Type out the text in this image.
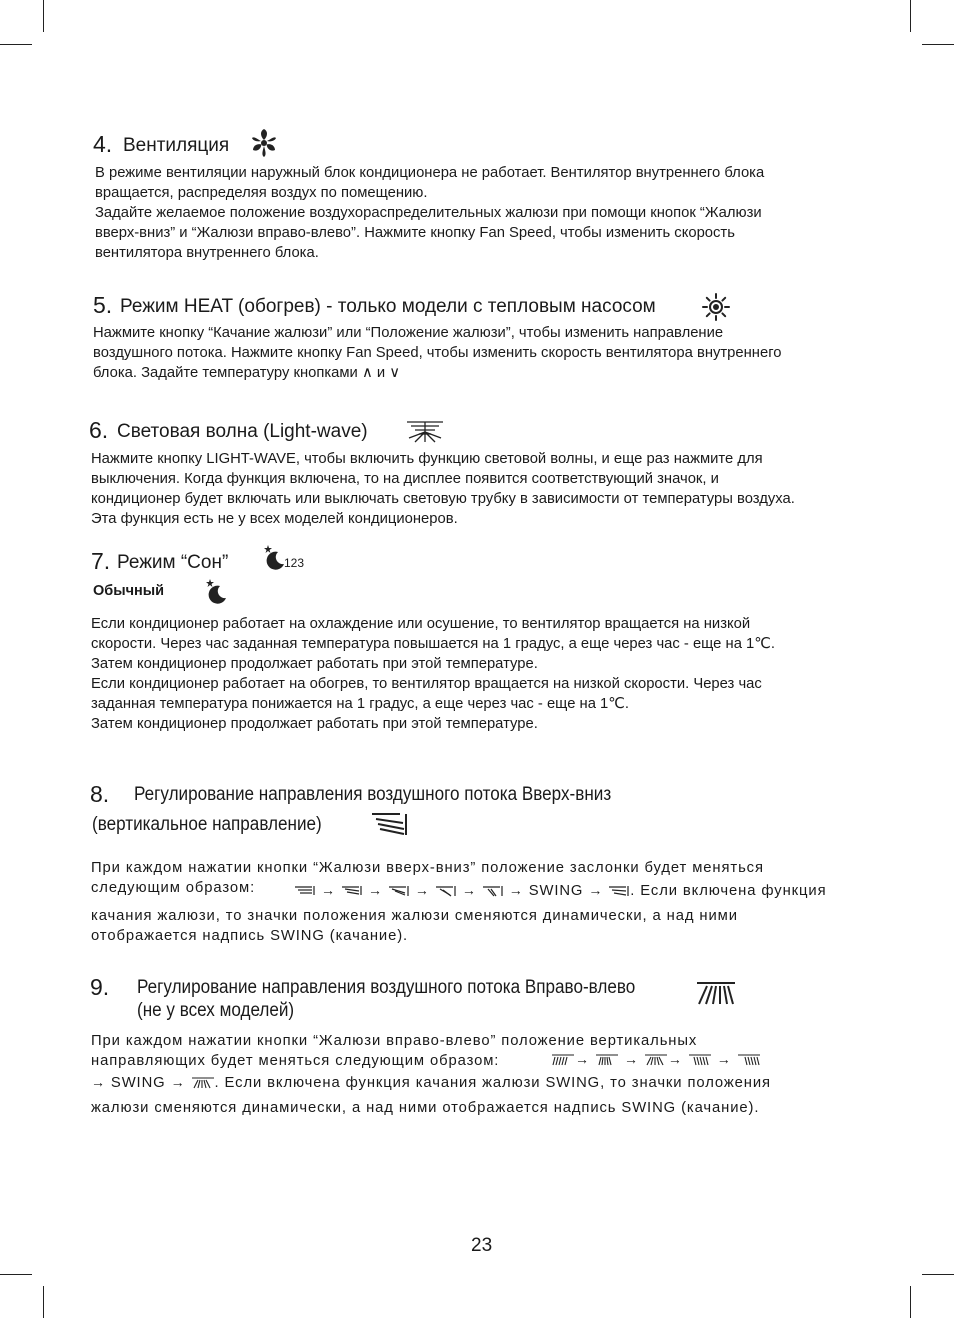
4. Вентиляция
В режиме вентиляции наружный блок кондиционера не работает. Вентилятор внутреннего блока
вращается, распределяя воздух по помещению.
Задайте желаемое положение воздухораспределительных жалюзи при помощи кнопок “Жалюзи
вверх-вниз” и “Жалюзи вправо-влево”. Нажмите кнопку Fan Speed, чтобы изменить скорость
вентилятора внутреннего блока.
5. Режим HEAT (обогрев) - только модели с тепловым насосом
Нажмите кнопку “Качание жалюзи” или “Положение жалюзи”, чтобы изменить направление
воздушного потока. Нажмите кнопку Fan Speed, чтобы изменить скорость вентилятора внутреннего
блока. Задайте температуру кнопками ∧ и ∨
6. Световая волна (Light-wave)
Нажмите кнопку LIGHT-WAVE, чтобы включить функцию световой волны, и еще раз нажмите для
выключения. Когда функция включена, то на дисплее появится соответствующий значок, и
кондиционер будет включать или выключать световую трубку в зависимости от температуры воздуха.
Эта функция есть не у всех моделей кондиционеров.
7. Режим “Сон”	123
Обычный
Если кондиционер работает на охлаждение или осушение, то вентилятор вращается на низкой
скорости. Через час заданная температура повышается на 1 градус, а еще через час - еще на 1℃.
Затем кондиционер продолжает работать при этой температуре.
Если кондиционер работает на обогрев, то вентилятор вращается на низкой скорости. Через час
заданная температура понижается на 1 градус, а еще через час - еще на 1℃.
Затем кондиционер продолжает работать при этой температуре.
8. Регулирование направления воздушного потока Вверх-вниз
(вертикальное направление)
При каждом нажатии кнопки “Жалюзи вверх-вниз” положение заслонки будет меняться
следующим образом:	→ → → → → SWING → . Если включена функция
качания жалюзи, то значки положения жалюзи сменяются динамически, а над ними
отображается надпись SWING (качание).
9. Регулирование направления воздушного потока Вправо-влево
(не у всех моделей)
При каждом нажатии кнопки “Жалюзи вправо-влево” положение вертикальных
направляющих будет меняться следующим образом:	→ → → →
→ SWING → . Если включена функция качания жалюзи SWING, то значки положения
жалюзи сменяются динамически, а над ними отображается надпись SWING (качание).
23
